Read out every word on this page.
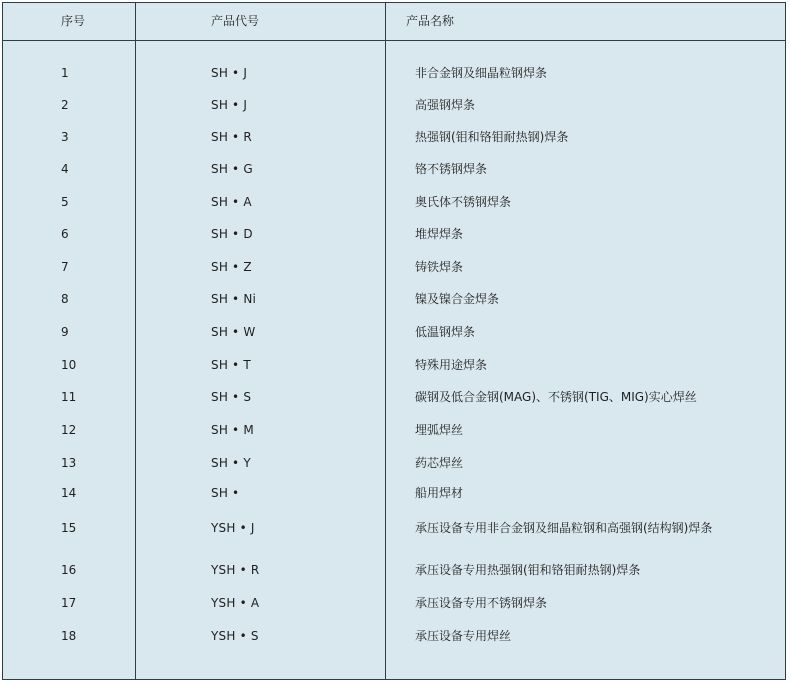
序号	产品代号	产品名称
1	SH • J	非合金钢及细晶粒钢焊条
2	SH • J	高强钢焊条
3	SH • R	热强钢(钼和铬钼耐热钢)焊条
4	SH • G	铬不锈钢焊条
5	SH • A	奥氏体不锈钢焊条
6	SH • D	堆焊焊条
7	SH • Z	铸铁焊条
8	SH • Ni	镍及镍合金焊条
9	SH • W	低温钢焊条
10	SH • T	特殊用途焊条
11	SH • S	碳钢及低合金钢(MAG)、不锈钢(TIG、MIG)实心焊丝
12	SH • M	埋弧焊丝
13	SH • Y	药芯焊丝
14	SH •	船用焊材
15	YSH • J	承压设备专用非合金钢及细晶粒钢和高强钢(结构钢)焊条
16	YSH • R	承压设备专用热强钢(钼和铬钼耐热钢)焊条
17	YSH • A	承压设备专用不锈钢焊条
18	YSH • S	承压设备专用焊丝
